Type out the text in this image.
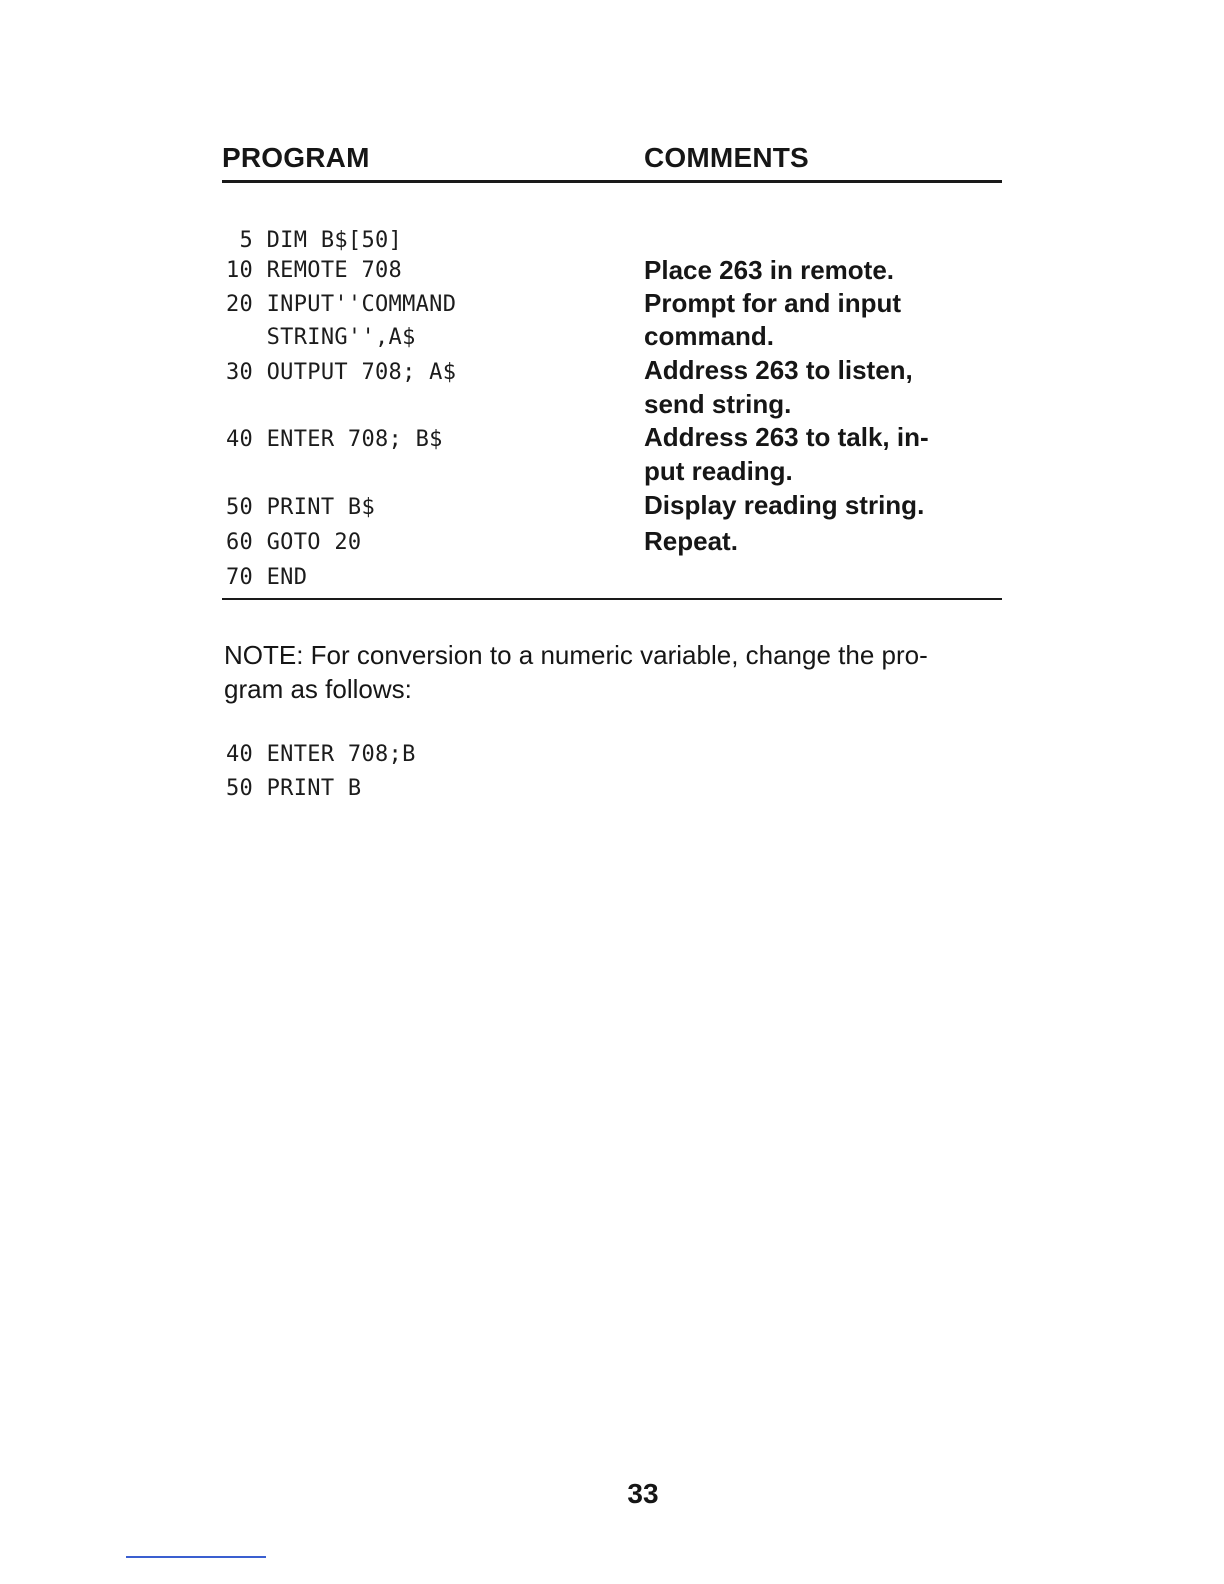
PROGRAM	COMMENTS
5 DIM B$[50]
10 REMOTE 708
20 INPUT''COMMAND
STRING'',A$
30 OUTPUT 708; A$
40 ENTER 708; B$
50 PRINT B$
60 GOTO 20
70 END
Place 263 in remote.
Prompt for and input
command.
Address 263 to listen,
send string.
Address 263 to talk, in-
put reading.
Display reading string.
Repeat.
NOTE: For conversion to a numeric variable, change the pro-
gram as follows:
40 ENTER 708;B
50 PRINT B
33
